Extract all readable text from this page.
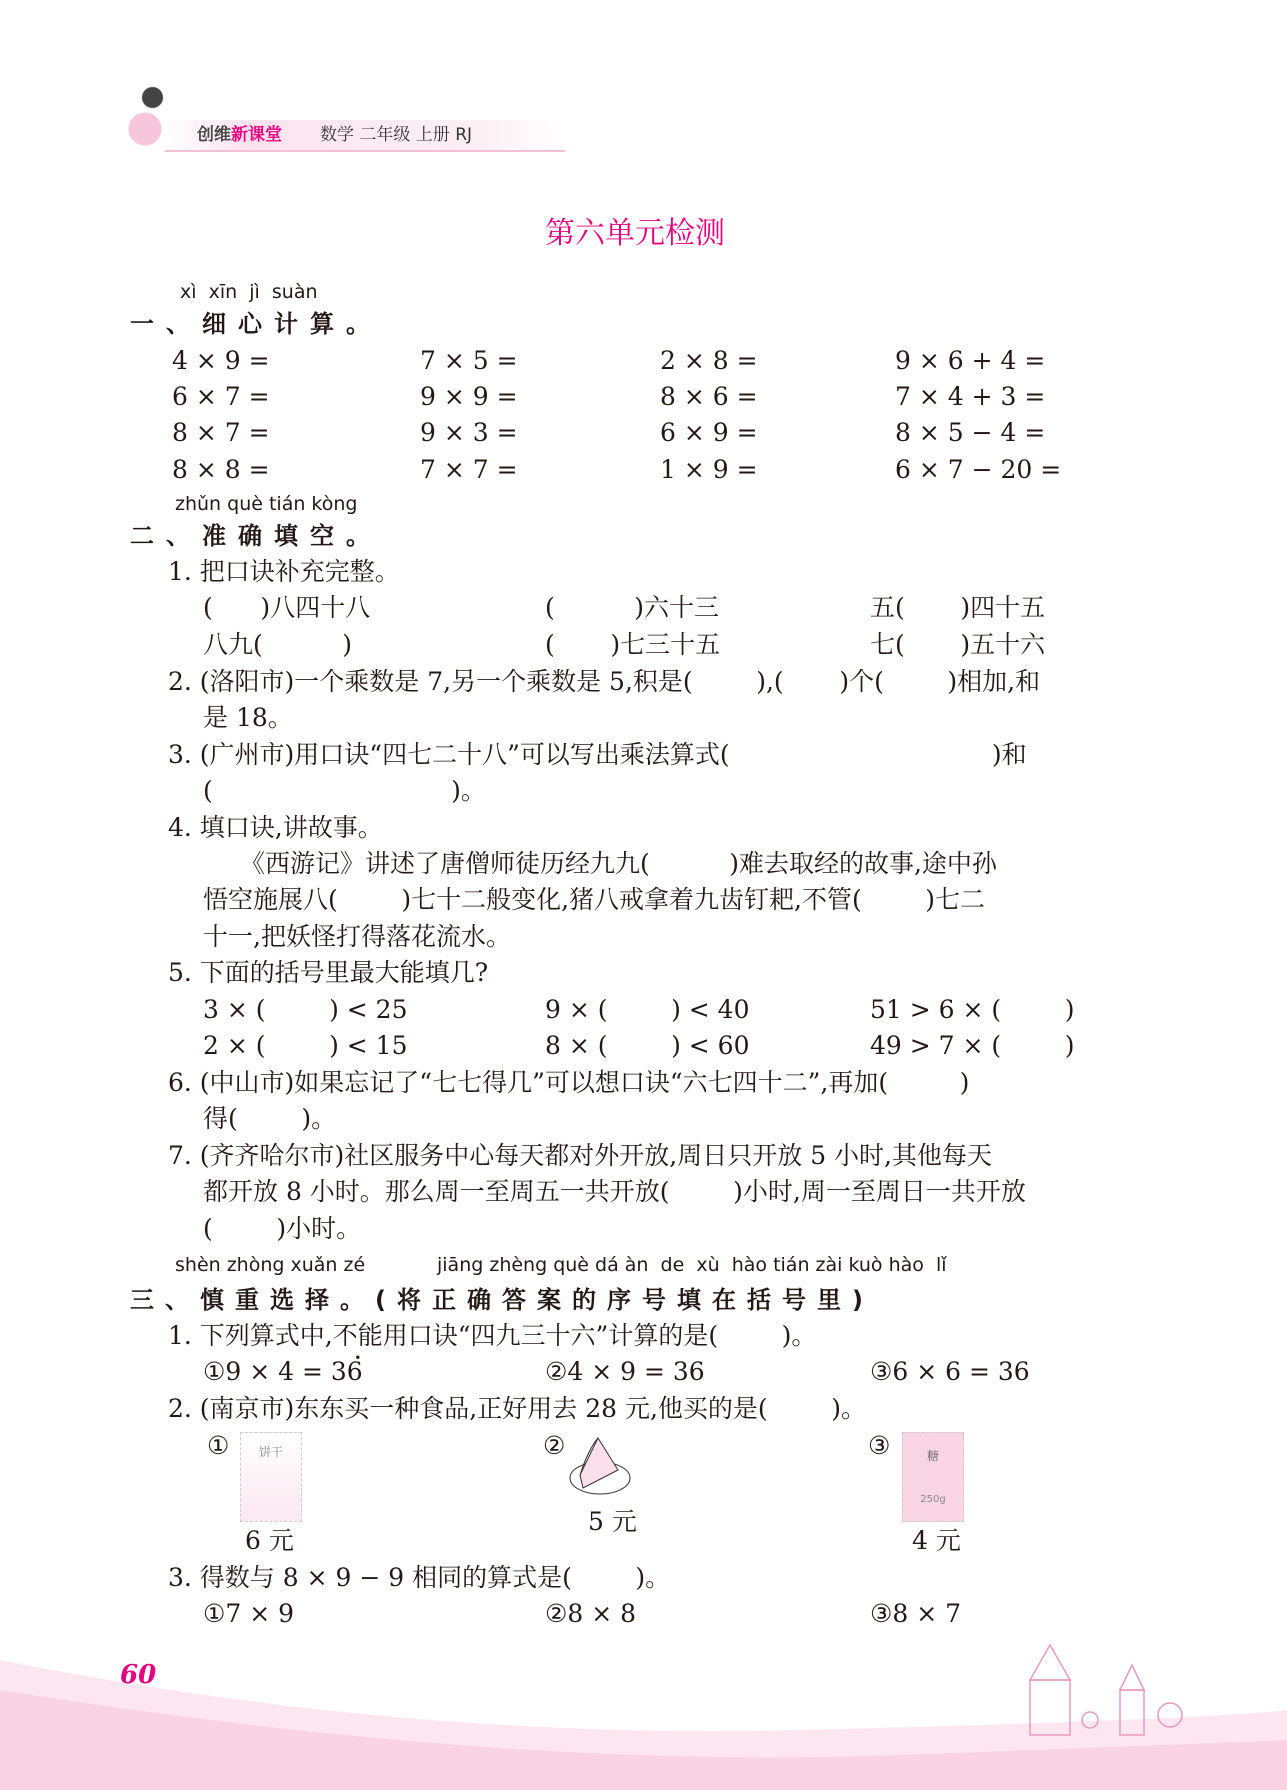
创维新课堂 数学 二年级 上册 RJ
第六单元检测
xì  xīn  jì  suàn
一、细心计算。
4 × 9 =	7 × 5 =	2 × 8 =	9 × 6 + 4 =
6 × 7 =	9 × 9 =	8 × 6 =	7 × 4 + 3 =
8 × 7 =	9 × 3 =	6 × 9 =	8 × 5 − 4 =
8 × 8 =	7 × 7 =	1 × 9 =	6 × 7 − 20 =
zhǔn què tián kòng
二、准确填空。
1. 把口诀补充完整。
(      )八四十八	(          )六十三	五(       )四十五
八九(          )	(       )七三十五	七(       )五十六
2. (洛阳市)一个乘数是 7,另一个乘数是 5,积是(        ),(       )个(        )相加,和
是 18。
3. (广州市)用口诀“四七二十八”可以写出乘法算式(                                 )和
(                              )。
4. 填口诀,讲故事。
《西游记》讲述了唐僧师徒历经九九(          )难去取经的故事,途中孙
悟空施展八(        )七十二般变化,猪八戒拿着九齿钉耙,不管(        )七二
十一,把妖怪打得落花流水。
5. 下面的括号里最大能填几?
3 × (        ) < 25	9 × (        ) < 40	51 > 6 × (        )
2 × (        ) < 15	8 × (        ) < 60	49 > 7 × (        )
6. (中山市)如果忘记了“七七得几”可以想口诀“六七四十二”,再加(         )
得(        )。
7. (齐齐哈尔市)社区服务中心每天都对外开放,周日只开放 5 小时,其他每天
都开放 8 小时。那么周一至周五一共开放(        )小时,周一至周日一共开放
(        )小时。
shèn zhòng xuǎn zé	jiāng zhèng què dá àn  de  xù  hào tián zài kuò hào  lǐ
三、慎重选择。(将正确答案的序号填在括号里)
1. 下列算式中,不能用口诀“四九三十六”计算的是(        )。
①9 × 4 = 36	②4 × 9 = 36	③6 × 6 = 36
2. (南京市)东东买一种食品,正好用去 28 元,他买的是(        )。
①	饼干
6 元
②
5 元
③	糖
250g
4 元
3. 得数与 8 × 9 − 9 相同的算式是(        )。
①7 × 9	②8 × 8	③8 × 7
60
